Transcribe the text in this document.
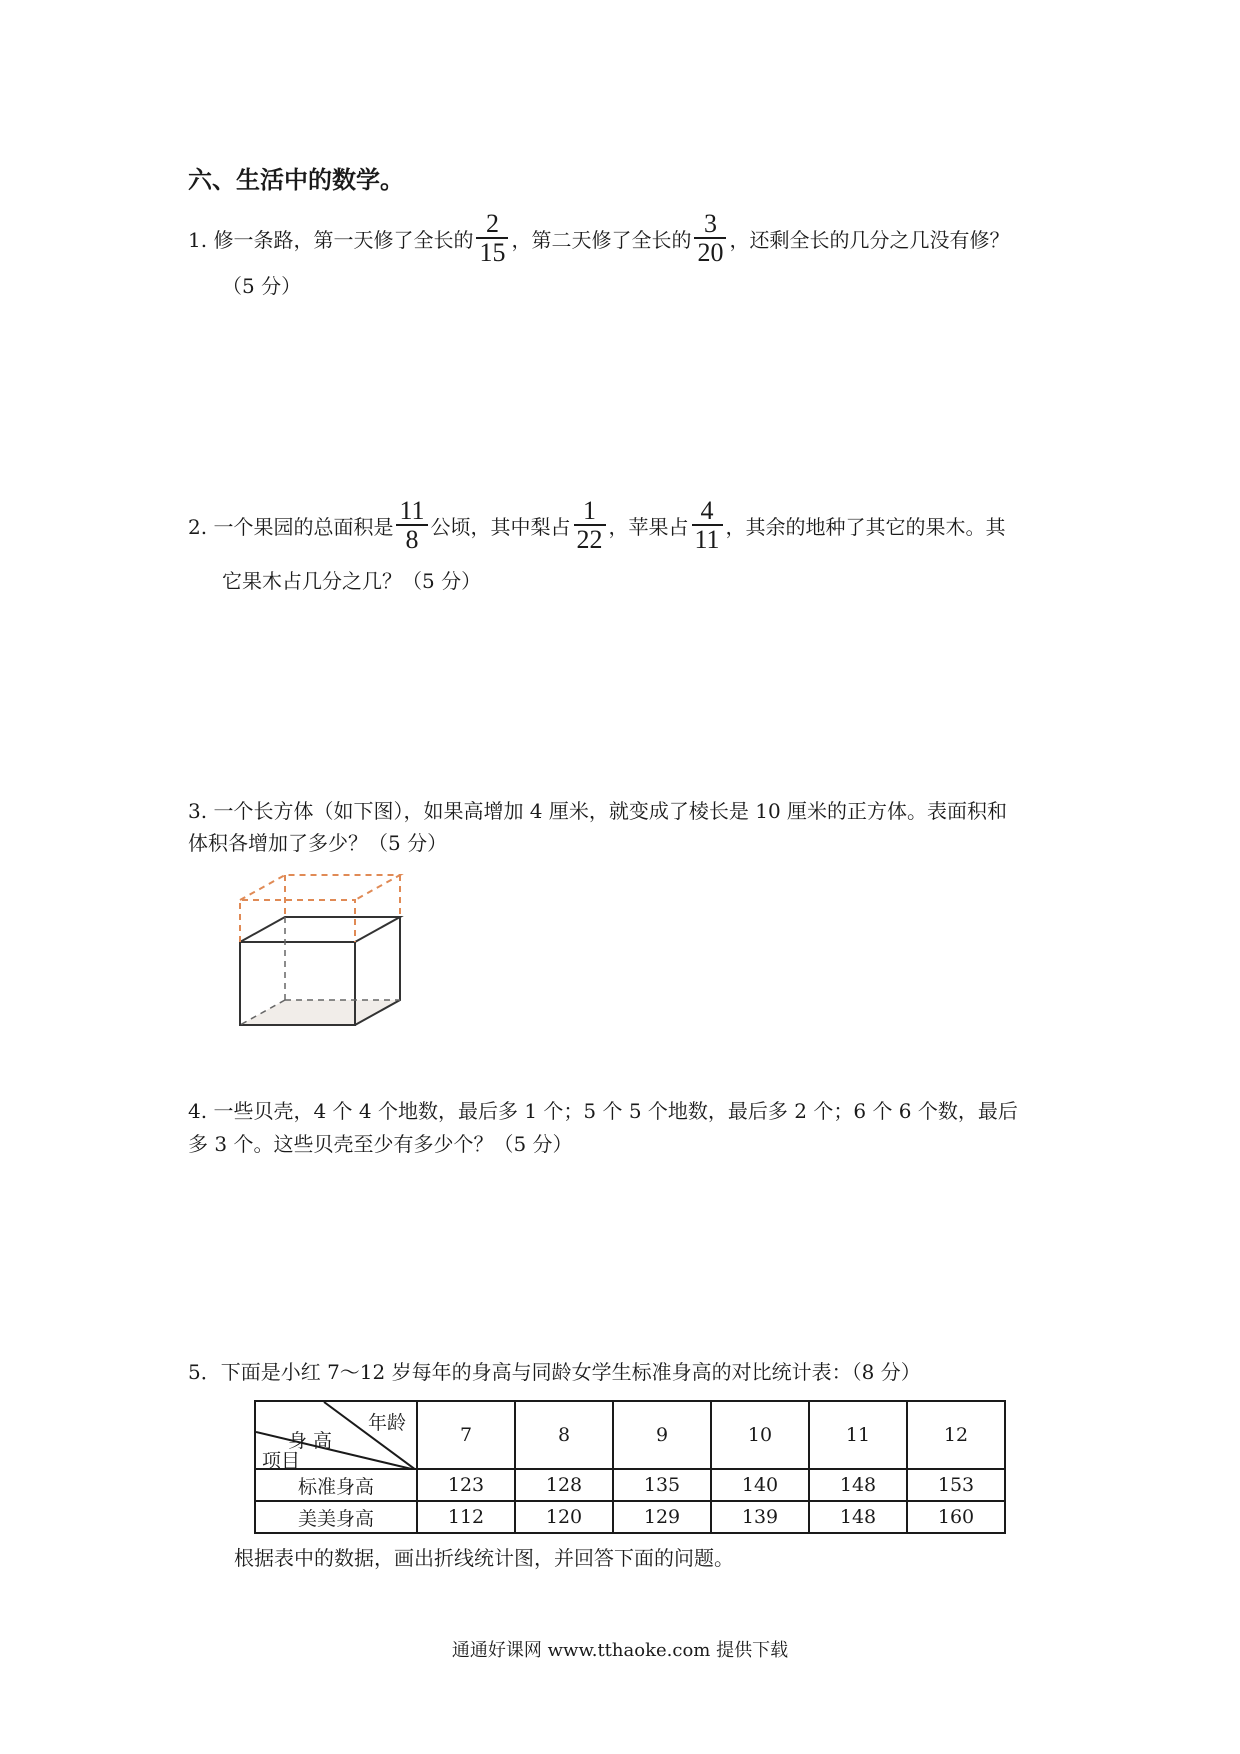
六、生活中的数学。
1. 修一条路，第一天修了全长的 $\frac{2}{15}$ ，第二天修了全长的 $\frac{3}{20}$ ，还剩全长的几分之几没有修？
（5 分）
2. 一个果园的总面积是 $\frac{11}{8}$ 公顷，其中梨占 $\frac{1}{22}$ ，苹果占 $\frac{4}{11}$ ，其余的地种了其它的果木。其
它果木占几分之几？（5 分）
3. 一个长方体（如下图），如果高增加 4 厘米，就变成了棱长是 10 厘米的正方体。表面积和
体积各增加了多少？（5 分）
4. 一些贝壳，4 个 4 个地数，最后多 1 个；5 个 5 个地数，最后多 2 个；6 个 6 个数，最后
多 3 个。这些贝壳至少有多少个？（5 分）
5．下面是小红 7～12 岁每年的身高与同龄女学生标准身高的对比统计表：（8 分）
年龄
身 高
项目	7	8	9	10	11	12
标准身高	123	128	135	140	148	153
美美身高	112	120	129	139	148	160
根据表中的数据，画出折线统计图，并回答下面的问题。
通通好课网 www.tthaoke.com 提供下载
